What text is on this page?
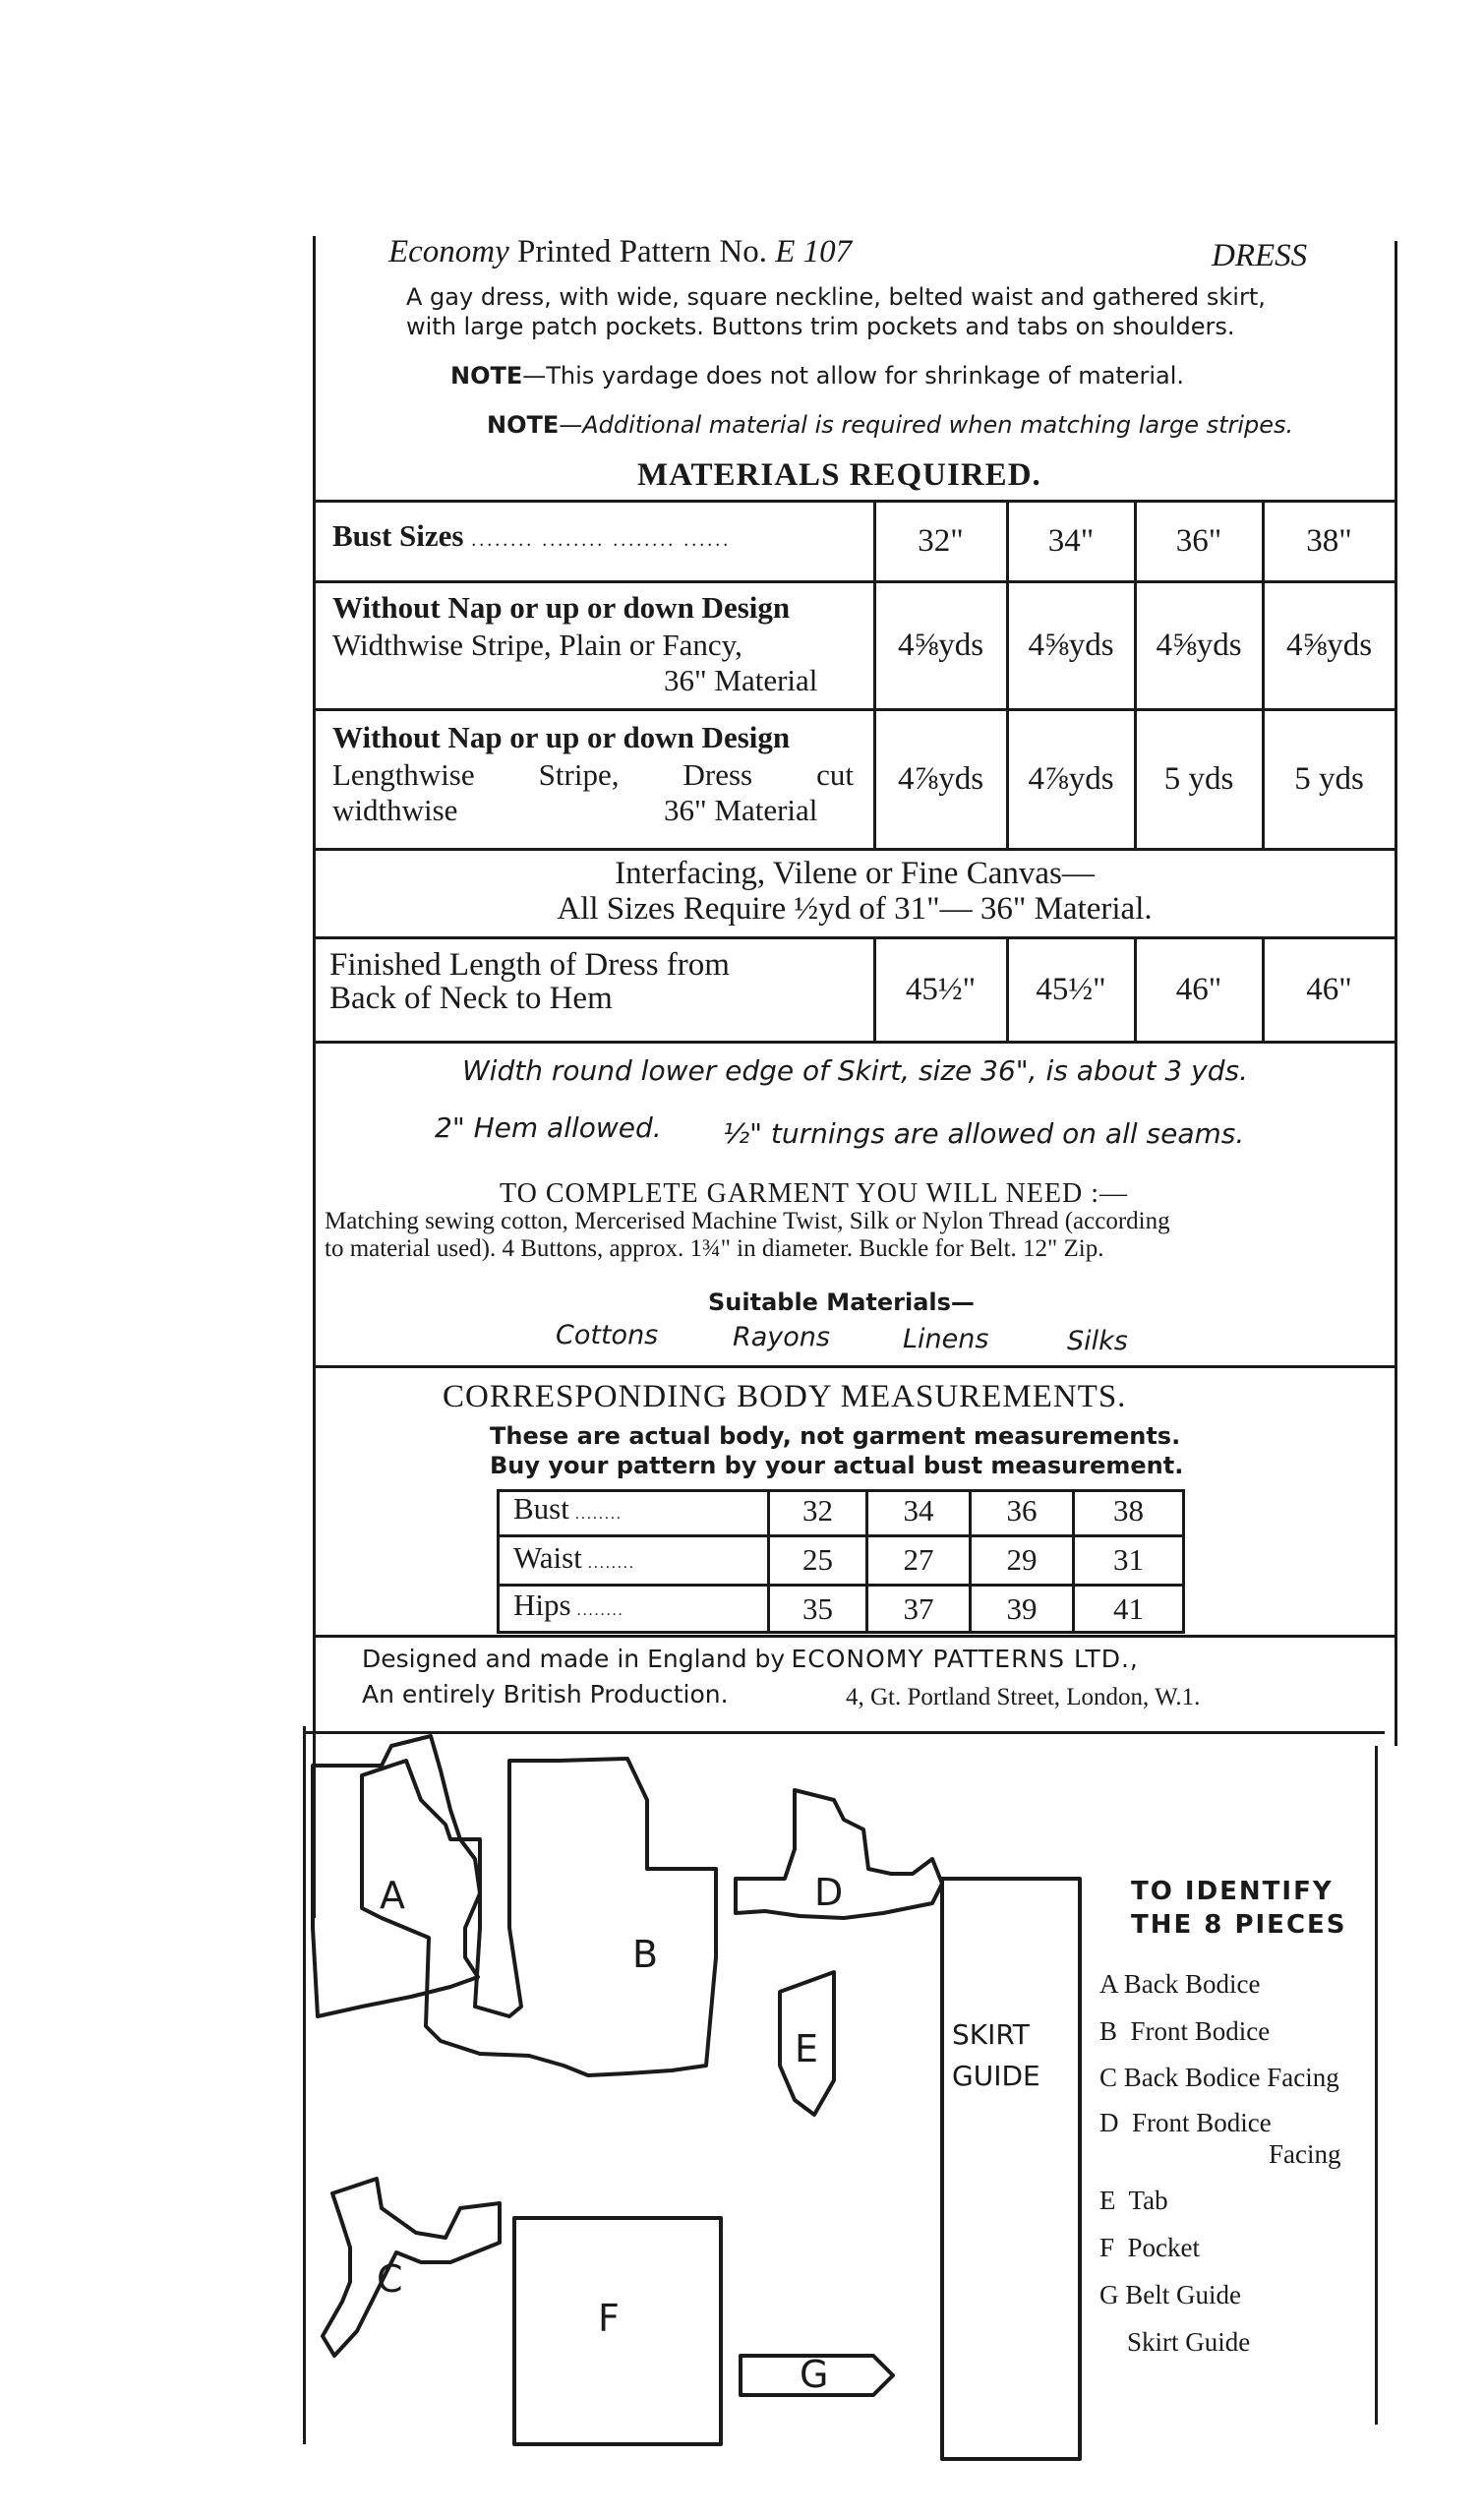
Economy Printed Pattern No. E 107	DRESS
A gay dress, with wide, square neckline, belted waist and gathered skirt,
with large patch pockets. Buttons trim pockets and tabs on shoulders.
NOTE—This yardage does not allow for shrinkage of material.
NOTE—Additional material is required when matching large stripes.
MATERIALS REQUIRED.
Bust Sizes ........ ........ ........ ......	32"	34"	36"	38"
Without Nap or up or down Design
Widthwise Stripe, Plain or Fancy,
36" Material
4⅝yds	4⅝yds	4⅝yds	4⅝yds
Without Nap or up or down Design
Lengthwise Stripe, Dress cut
widthwise	36" Material
4⅞yds	4⅞yds	5 yds	5 yds
Interfacing, Vilene or Fine Canvas—
All Sizes Require ½yd of 31"— 36" Material.
Finished Length of Dress from
Back of Neck to Hem	45½"	45½"	46"	46"
Width round lower edge of Skirt, size 36", is about 3 yds.
2" Hem allowed. ½" turnings are allowed on all seams.
TO COMPLETE GARMENT YOU WILL NEED :—
Matching sewing cotton, Mercerised Machine Twist, Silk or Nylon Thread (according
to material used). 4 Buttons, approx. 1¾" in diameter. Buckle for Belt. 12" Zip.
Suitable Materials—
Cottons	Rayons	Linens	Silks
CORRESPONDING BODY MEASUREMENTS.
These are actual body, not garment measurements.
Buy your pattern by your actual bust measurement.
Bust ........	32	34	36	38
Waist ........	25	27	29	31
Hips ........	35	37	39	41
Designed and made in England by ECONOMY PATTERNS LTD.,
An entirely British Production.	4, Gt. Portland Street, London, W.1.
A
B
D
E
C
F
G
SKIRT
GUIDE
TO IDENTIFY
THE 8 PIECES
A Back Bodice
B Front Bodice
C Back Bodice Facing
D Front Bodice
Facing
E Tab
F Pocket
G Belt Guide
Skirt Guide
